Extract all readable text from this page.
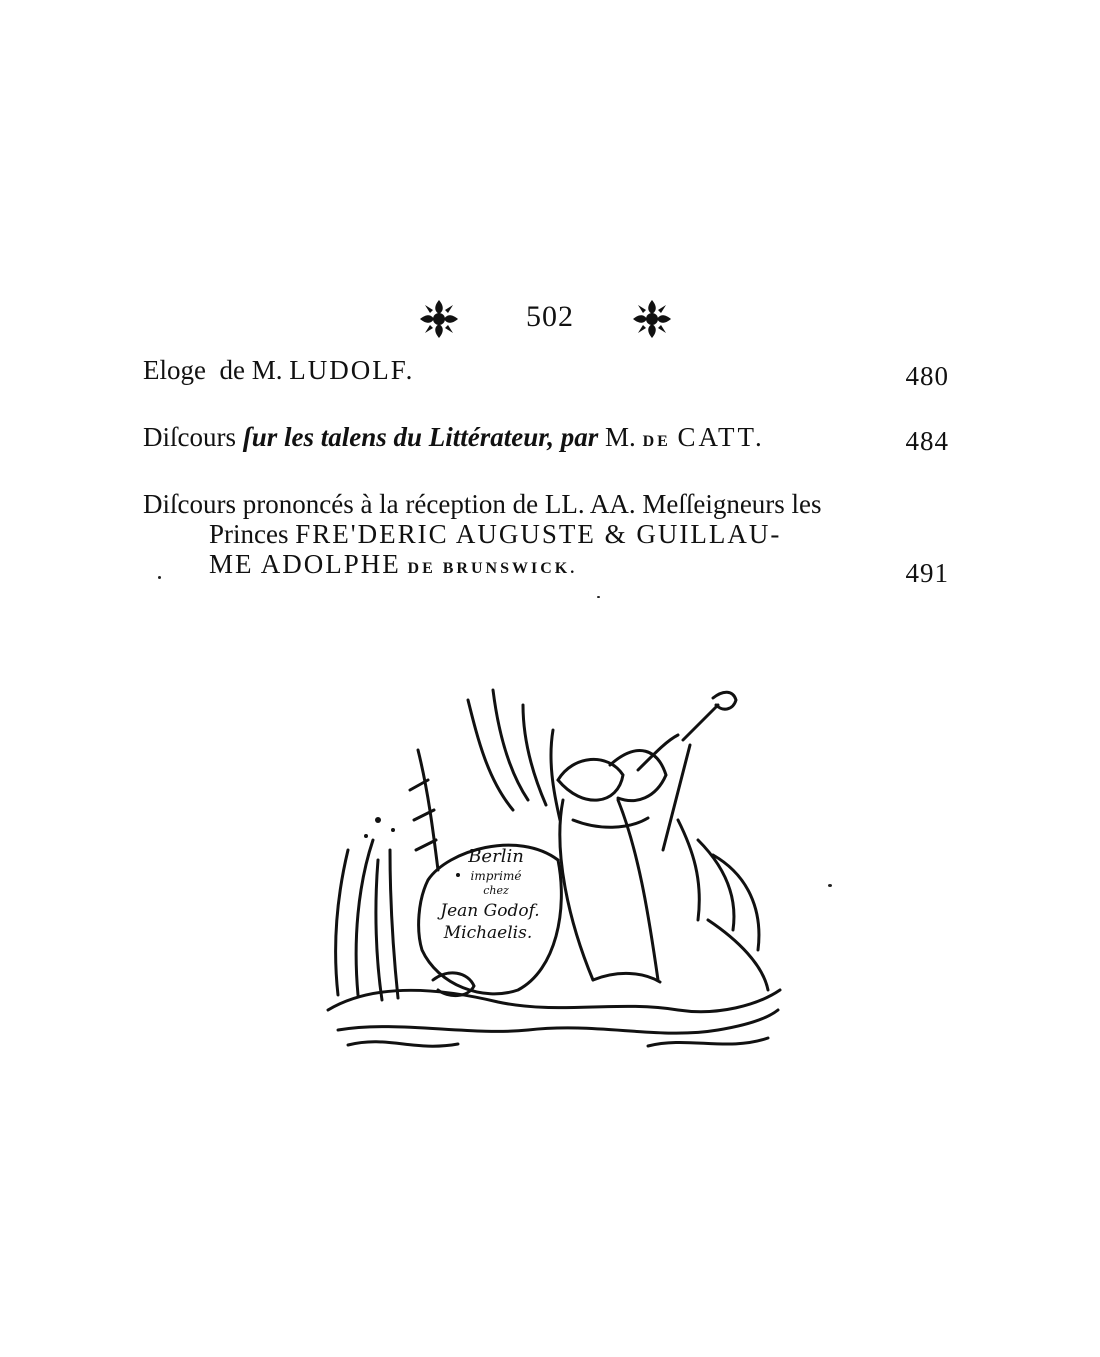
502
Eloge de M. LUDOLF.	480
Diſcours ſur les talens du Littérateur, par M. DE CATT.	484
Diſcours prononcés à la réception de LL. AA. Meſſeigneurs les
Princes FRE'DERIC AUGUSTE & GUILLAU-
ME ADOLPHE DE BRUNSWICK.	491
Berlin
imprimé
chez
Jean Godof.
Michaelis.
